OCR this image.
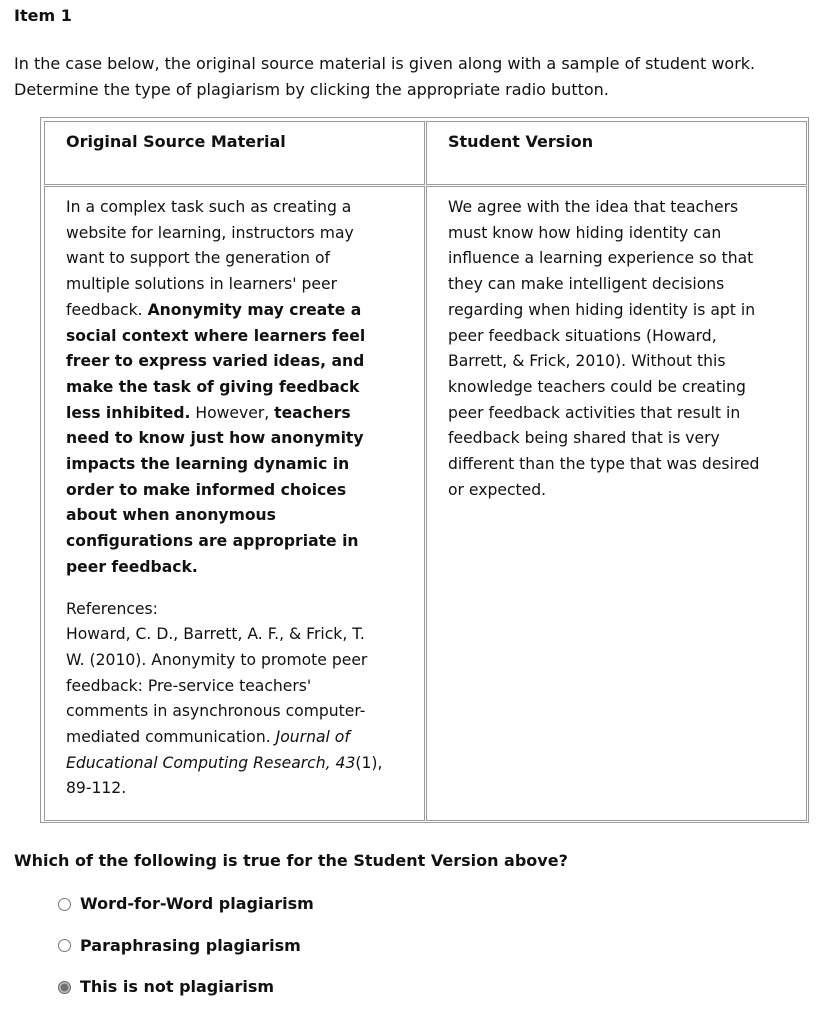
Item 1
In the case below, the original source material is given along with a sample of student work.
Determine the type of plagiarism by clicking the appropriate radio button.
Original Source Material	Student Version

In a complex task such as creating a website for learning, instructors may want to support the generation of multiple solutions in learners' peer feedback. Anonymity may create a social context where learners feel freer to express varied ideas, and make the task of giving feedback less inhibited. However, teachers need to know just how anonymity impacts the learning dynamic in order to make informed choices about when anonymous configurations are appropriate in peer feedback.

References:
Howard, C. D., Barrett, A. F., & Frick, T. W. (2010). Anonymity to promote peer feedback: Pre-service teachers' comments in asynchronous computer-mediated communication. Journal of Educational Computing Research, 43(1), 89-112.

We agree with the idea that teachers must know how hiding identity can influence a learning experience so that they can make intelligent decisions regarding when hiding identity is apt in peer feedback situations (Howard, Barrett, & Frick, 2010). Without this knowledge teachers could be creating peer feedback activities that result in feedback being shared that is very different than the type that was desired or expected.

Which of the following is true for the Student Version above?
Word-for-Word plagiarism
Paraphrasing plagiarism
This is not plagiarism
